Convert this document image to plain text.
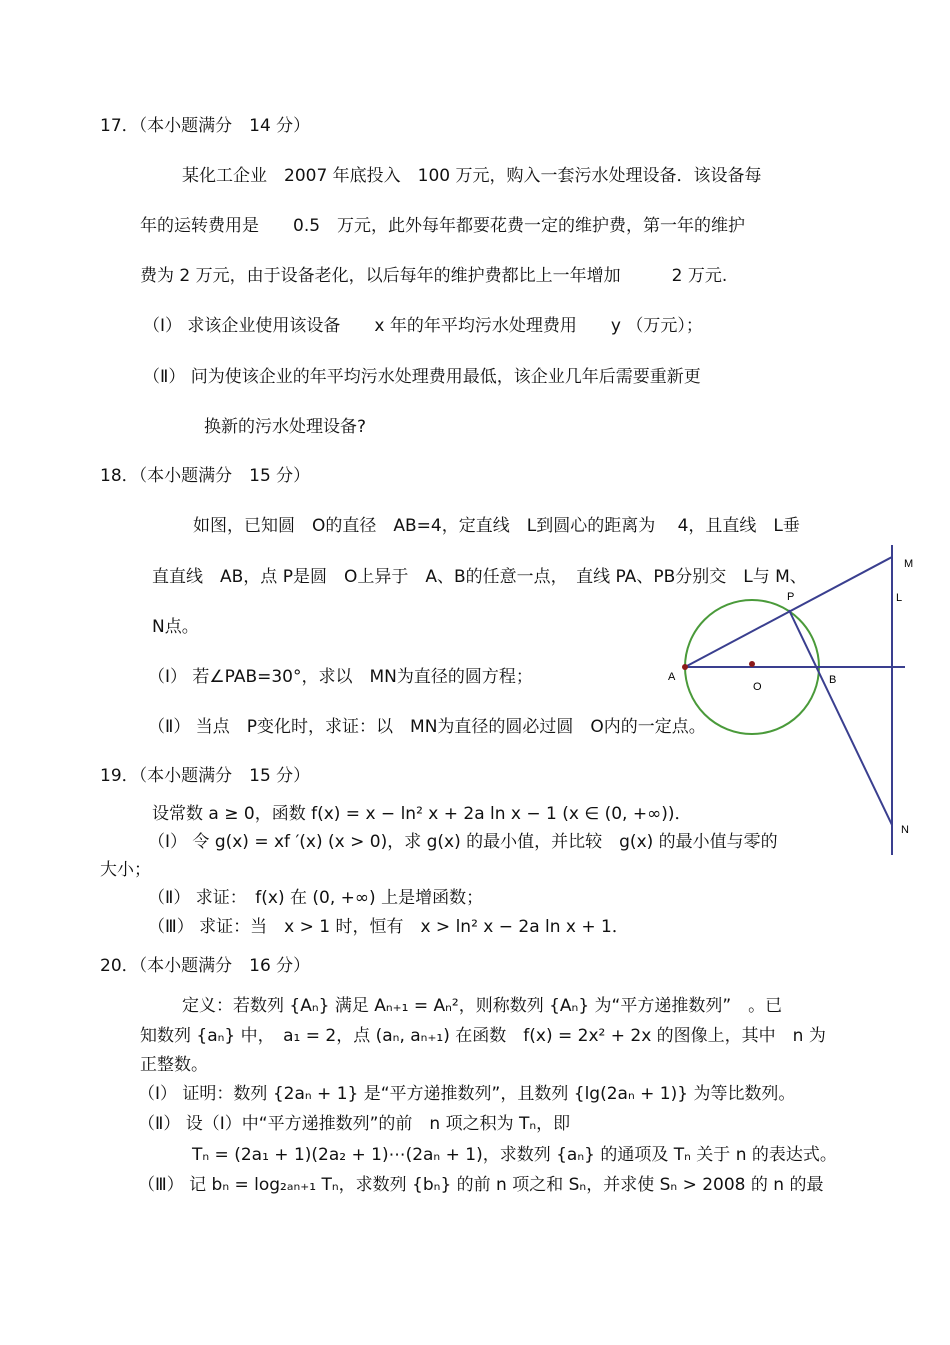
17．（本小题满分　14 分）
某化工企业　2007 年底投入　100 万元，购入一套污水处理设备．该设备每
年的运转费用是　　0.5　万元，此外每年都要花费一定的维护费，第一年的维护
费为 2 万元，由于设备老化，以后每年的维护费都比上一年增加　　　2 万元.
（Ⅰ） 求该企业使用该设备　　x 年的年平均污水处理费用　　y （万元）；
（Ⅱ） 问为使该企业的年平均污水处理费用最低，该企业几年后需要重新更
换新的污水处理设备?
18．（本小题满分　15 分）
如图，已知圆　O的直径　AB=4，定直线　L到圆心的距离为　 4，且直线　L垂
直直线　AB，点 P是圆　O上异于　A、B的任意一点，　直线 PA、PB分别交　L与 M、
N点。
（Ⅰ） 若∠PAB=30°，求以　MN为直径的圆方程；
（Ⅱ） 当点　P变化时，求证：以　MN为直径的圆必过圆　O内的一定点。
19．（本小题满分　15 分）
设常数 a ≥ 0，函数 f(x) = x − ln² x + 2a ln x − 1 (x ∈ (0, +∞))．
（Ⅰ） 令 g(x) = xf ′(x) (x > 0)，求 g(x) 的最小值，并比较　g(x) 的最小值与零的
大小；
（Ⅱ） 求证：　f(x) 在 (0, +∞) 上是增函数；
（Ⅲ） 求证：当　x > 1 时，恒有　x > ln² x − 2a ln x + 1．
20．（本小题满分　16 分）
定义：若数列 {Aₙ} 满足 Aₙ₊₁ = Aₙ²，则称数列 {Aₙ} 为“平方递推数列”　。已
知数列 {aₙ} 中，　a₁ = 2，点 (aₙ, aₙ₊₁) 在函数　f(x) = 2x² + 2x 的图像上，其中　n 为
正整数。
（Ⅰ） 证明：数列 {2aₙ + 1} 是“平方递推数列”，且数列 {lg(2aₙ + 1)} 为等比数列。
（Ⅱ） 设（Ⅰ）中“平方递推数列”的前　n 项之积为 Tₙ，即
Tₙ = (2a₁ + 1)(2a₂ + 1)⋯(2aₙ + 1)，求数列 {aₙ} 的通项及 Tₙ 关于 n 的表达式。
（Ⅲ） 记 bₙ = log₂ₐₙ₊₁ Tₙ，求数列 {bₙ} 的前 n 项之和 Sₙ，并求使 Sₙ > 2008 的 n 的最
M
L
P
A
O
B
N
